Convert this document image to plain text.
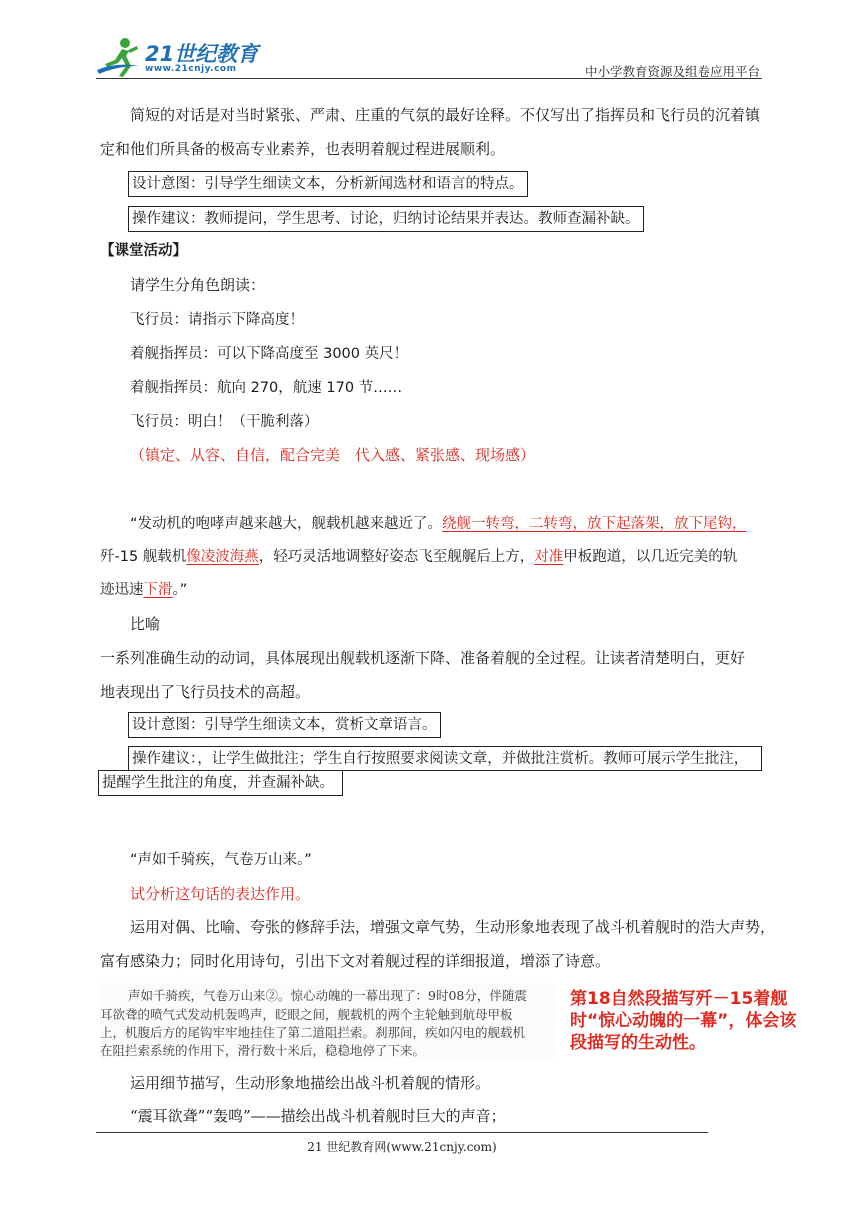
21世纪教育
www.21cnjy.com	中小学教育资源及组卷应用平台
简短的对话是对当时紧张、严肃、庄重的气氛的最好诠释。不仅写出了指挥员和飞行员的沉着镇
定和他们所具备的极高专业素养，也表明着舰过程进展顺利。
设计意图：引导学生细读文本，分析新闻选材和语言的特点。
操作建议：教师提问，学生思考、讨论，归纳讨论结果并表达。教师查漏补缺。
【课堂活动】
请学生分角色朗读：
飞行员：请指示下降高度！
着舰指挥员：可以下降高度至 3000 英尺！
着舰指挥员：航向 270，航速 170 节……
飞行员：明白！（干脆利落）
（镇定、从容、自信，配合完美　代入感、紧张感、现场感）
“发动机的咆哮声越来越大，舰载机越来越近了。绕舰一转弯，二转弯，放下起落架，放下尾钩，
歼-15 舰载机像凌波海燕，轻巧灵活地调整好姿态飞至舰艉后上方，对准甲板跑道，以几近完美的轨
迹迅速下滑。”
比喻
一系列准确生动的动词，具体展现出舰载机逐渐下降、准备着舰的全过程。让读者清楚明白，更好
地表现出了飞行员技术的高超。
设计意图：引导学生细读文本，赏析文章语言。
操作建议：，让学生做批注；学生自行按照要求阅读文章，并做批注赏析。教师可展示学生批注，
提醒学生批注的角度，并查漏补缺。
“声如千骑疾，气卷万山来。”
试分析这句话的表达作用。
运用对偶、比喻、夸张的修辞手法，增强文章气势，生动形象地表现了战斗机着舰时的浩大声势，
富有感染力；同时化用诗句，引出下文对着舰过程的详细报道，增添了诗意。
声如千骑疾，气卷万山来②。惊心动魄的一幕出现了：9时08分，伴随震
耳欲聋的喷气式发动机轰鸣声，眨眼之间，舰载机的两个主轮触到航母甲板
上，机腹后方的尾钩牢牢地挂住了第二道阻拦索。刹那间，疾如闪电的舰载机
在阻拦索系统的作用下，滑行数十米后，稳稳地停了下来。
第18自然段描写歼－15着舰时“惊心动魄的一幕”，体会该段描写的生动性。
运用细节描写，生动形象地描绘出战斗机着舰的情形。
“震耳欲聋”“轰鸣”——描绘出战斗机着舰时巨大的声音；
21 世纪教育网(www.21cnjy.com)
